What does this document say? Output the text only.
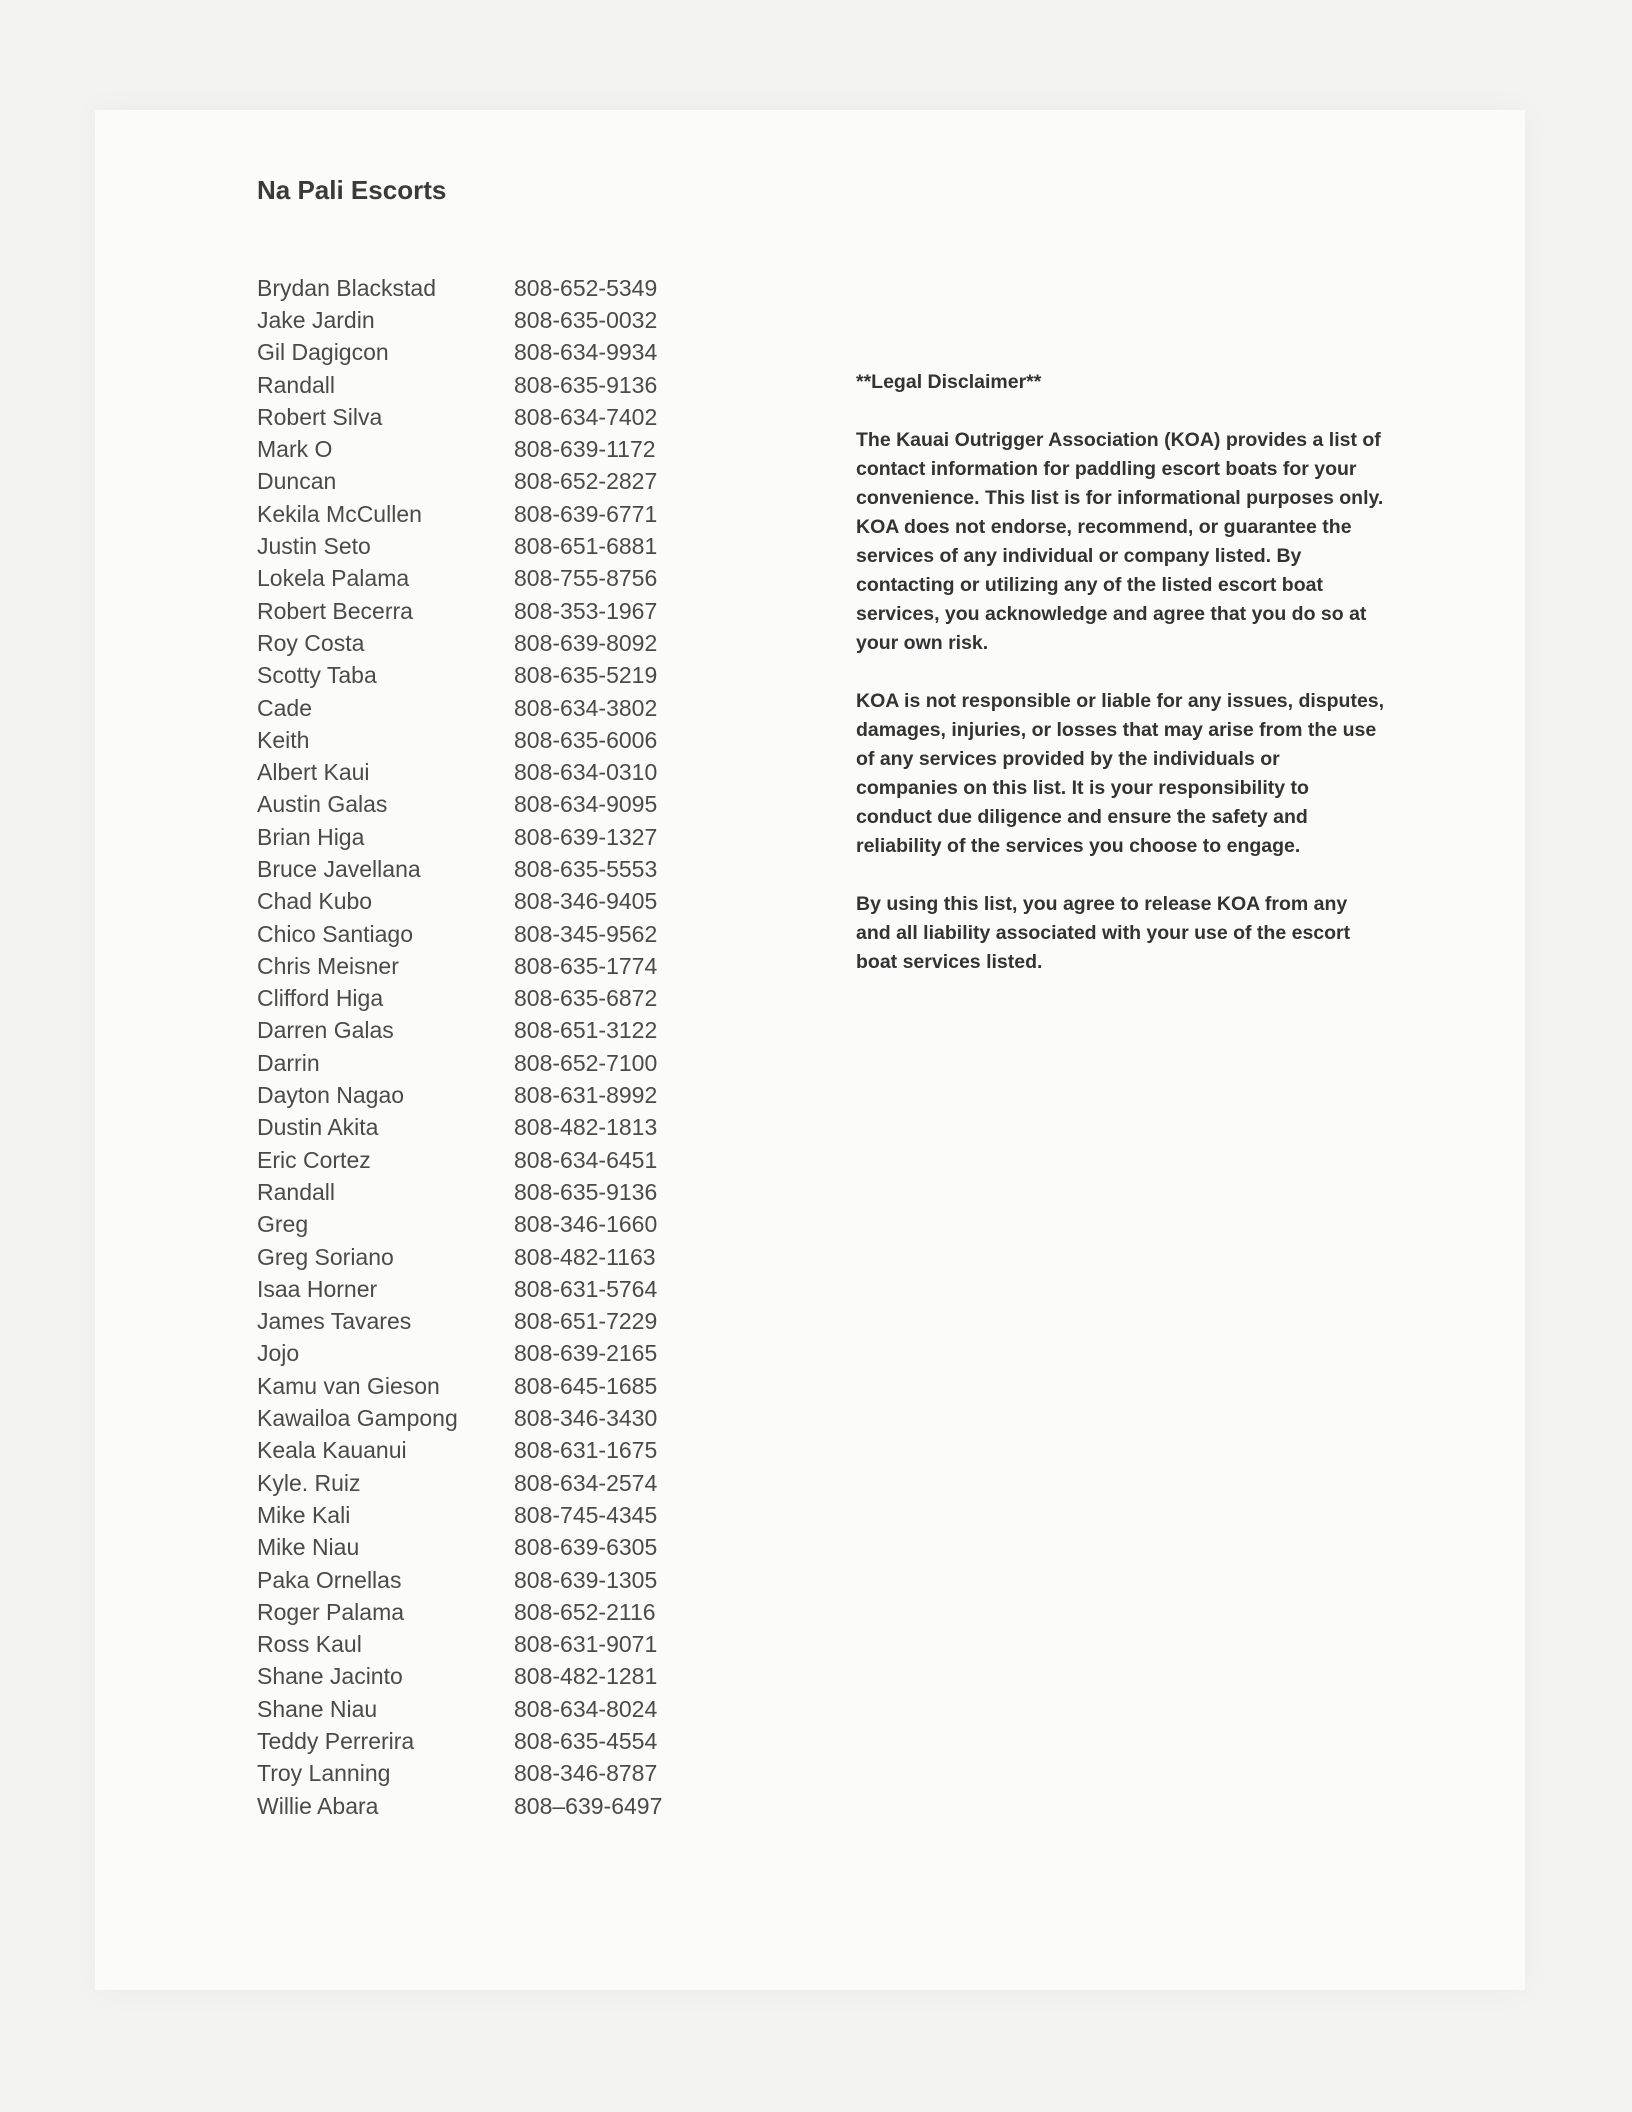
Na Pali Escorts
Brydan Blackstad	808-652-5349
Jake Jardin	808-635-0032
Gil Dagigcon	808-634-9934
Randall	808-635-9136
Robert Silva	808-634-7402
Mark O	808-639-1172
Duncan	808-652-2827
Kekila McCullen	808-639-6771
Justin Seto	808-651-6881
Lokela Palama	808-755-8756
Robert Becerra	808-353-1967
Roy Costa	808-639-8092
Scotty Taba	808-635-5219
Cade	808-634-3802
Keith	808-635-6006
Albert Kaui	808-634-0310
Austin Galas	808-634-9095
Brian Higa	808-639-1327
Bruce Javellana	808-635-5553
Chad Kubo	808-346-9405
Chico Santiago	808-345-9562
Chris Meisner	808-635-1774
Clifford Higa	808-635-6872
Darren Galas	808-651-3122
Darrin	808-652-7100
Dayton Nagao	808-631-8992
Dustin Akita	808-482-1813
Eric Cortez	808-634-6451
Randall	808-635-9136
Greg	808-346-1660
Greg Soriano	808-482-1163
Isaa Horner	808-631-5764
James Tavares	808-651-7229
Jojo	808-639-2165
Kamu van Gieson	808-645-1685
Kawailoa Gampong	808-346-3430
Keala Kauanui	808-631-1675
Kyle. Ruiz	808-634-2574
Mike Kali	808-745-4345
Mike Niau	808-639-6305
Paka Ornellas	808-639-1305
Roger Palama	808-652-2116
Ross Kaul	808-631-9071
Shane Jacinto	808-482-1281
Shane Niau	808-634-8024
Teddy Perrerira	808-635-4554
Troy Lanning	808-346-8787
Willie Abara	808–639-6497
**Legal Disclaimer**

The Kauai Outrigger Association (KOA) provides a list of contact information for paddling escort boats for your convenience. This list is for informational purposes only. KOA does not endorse, recommend, or guarantee the services of any individual or company listed. By contacting or utilizing any of the listed escort boat services, you acknowledge and agree that you do so at your own risk.

KOA is not responsible or liable for any issues, disputes, damages, injuries, or losses that may arise from the use of any services provided by the individuals or companies on this list. It is your responsibility to conduct due diligence and ensure the safety and reliability of the services you choose to engage.

By using this list, you agree to release KOA from any and all liability associated with your use of the escort boat services listed.
